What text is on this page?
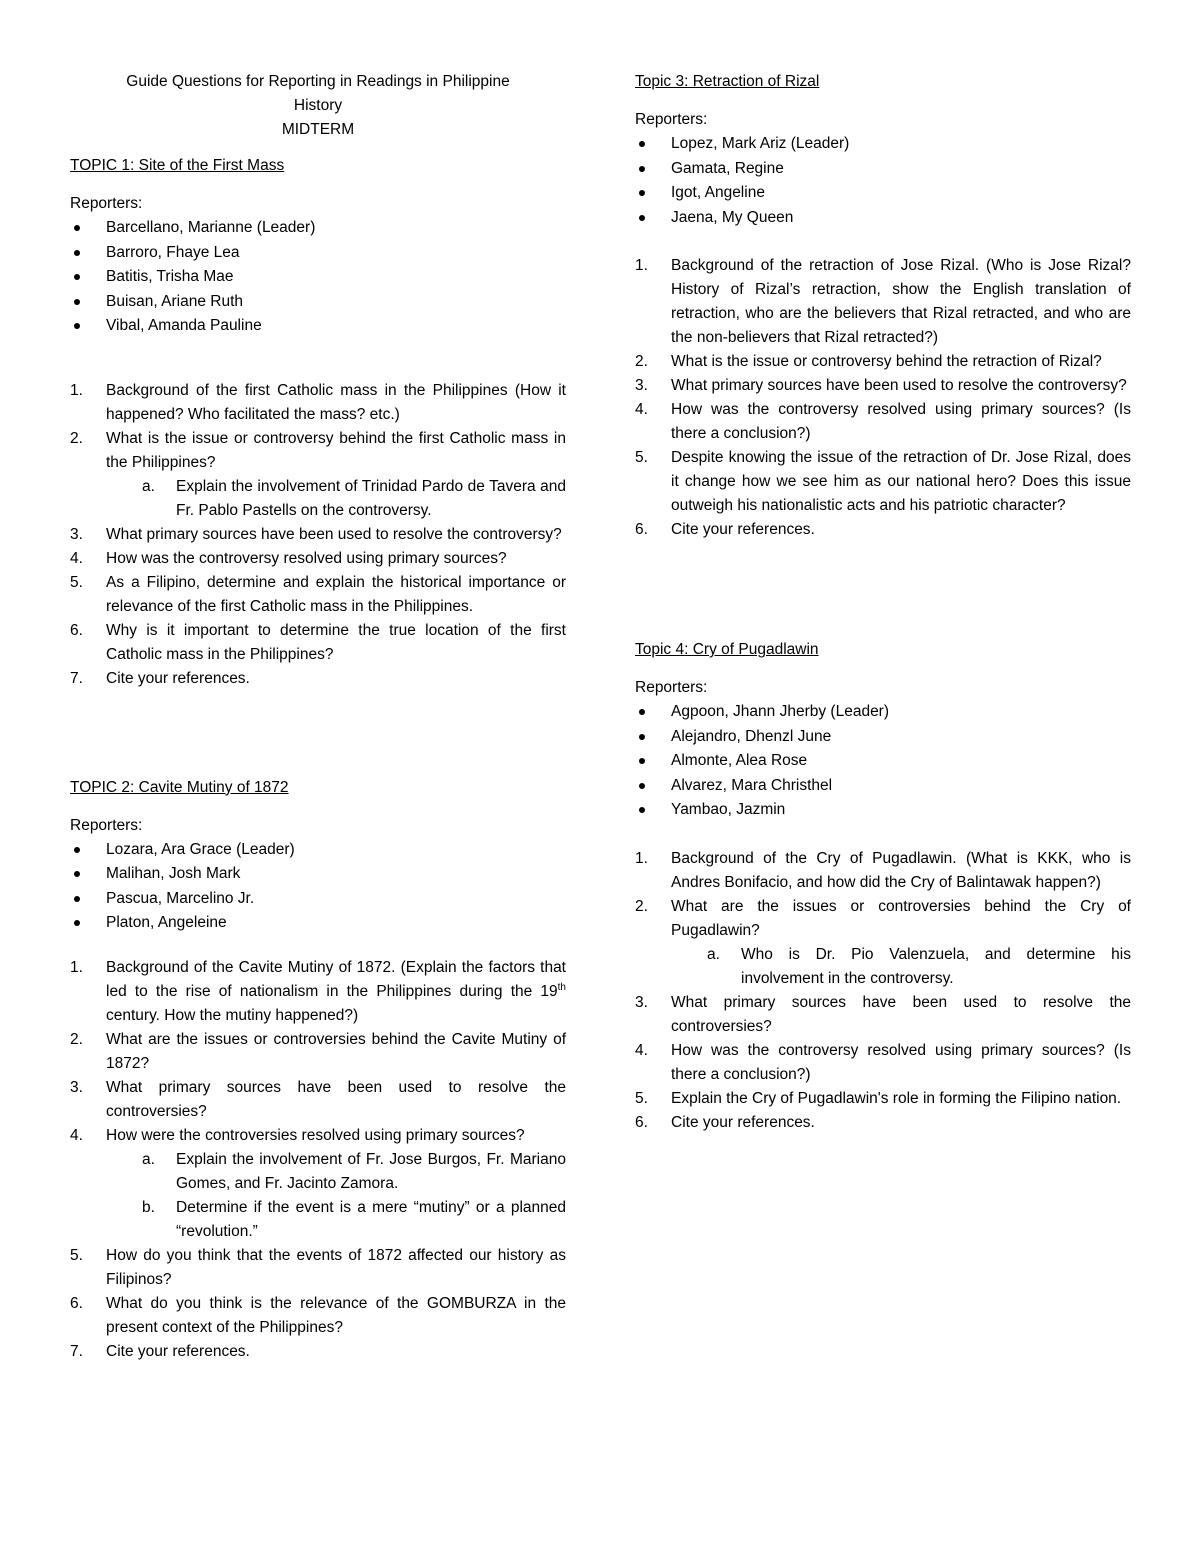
Guide Questions for Reporting in Readings in Philippine
History
MIDTERM

TOPIC 1: Site of the First Mass

Reporters:

Barcellano, Marianne (Leader)
Barroro, Fhaye Lea
Batitis, Trisha Mae
Buisan, Ariane Ruth
Vibal, Amanda Pauline
1. Background of the first Catholic mass in the Philippines (How it happened? Who facilitated the mass? etc.)
2. What is the issue or controversy behind the first Catholic mass in the Philippines?
a. Explain the involvement of Trinidad Pardo de Tavera and Fr. Pablo Pastells on the controversy.
3. What primary sources have been used to resolve the controversy?
4. How was the controversy resolved using primary sources?
5. As a Filipino, determine and explain the historical importance or relevance of the first Catholic mass in the Philippines.
6. Why is it important to determine the true location of the first Catholic mass in the Philippines?
7. Cite your references.

TOPIC 2: Cavite Mutiny of 1872

Reporters:

Lozara, Ara Grace (Leader)
Malihan, Josh Mark
Pascua, Marcelino Jr.
Platon, Angeleine
1. Background of the Cavite Mutiny of 1872. (Explain the factors that led to the rise of nationalism in the Philippines during the 19th century. How the mutiny happened?)
2. What are the issues or controversies behind the Cavite Mutiny of 1872?
3. What primary sources have been used to resolve the controversies?
4. How were the controversies resolved using primary sources?
a. Explain the involvement of Fr. Jose Burgos, Fr. Mariano Gomes, and Fr. Jacinto Zamora.
b. Determine if the event is a mere “mutiny” or a planned “revolution.”
5. How do you think that the events of 1872 affected our history as Filipinos?
6. What do you think is the relevance of the GOMBURZA in the present context of the Philippines?
7. Cite your references.

Topic 3: Retraction of Rizal

Reporters:

Lopez, Mark Ariz (Leader)
Gamata, Regine
Igot, Angeline
Jaena, My Queen
1. Background of the retraction of Jose Rizal. (Who is Jose Rizal? History of Rizal’s retraction, show the English translation of retraction, who are the believers that Rizal retracted, and who are the non-believers that Rizal retracted?)
2. What is the issue or controversy behind the retraction of Rizal?
3. What primary sources have been used to resolve the controversy?
4. How was the controversy resolved using primary sources? (Is there a conclusion?)
5. Despite knowing the issue of the retraction of Dr. Jose Rizal, does it change how we see him as our national hero? Does this issue outweigh his nationalistic acts and his patriotic character?
6. Cite your references.

Topic 4: Cry of Pugadlawin

Reporters:

Agpoon, Jhann Jherby (Leader)
Alejandro, Dhenzl June
Almonte, Alea Rose
Alvarez, Mara Christhel
Yambao, Jazmin
1. Background of the Cry of Pugadlawin. (What is KKK, who is Andres Bonifacio, and how did the Cry of Balintawak happen?)
2. What are the issues or controversies behind the Cry of Pugadlawin?
a. Who is Dr. Pio Valenzuela, and determine his involvement in the controversy.
3. What primary sources have been used to resolve the controversies?
4. How was the controversy resolved using primary sources? (Is there a conclusion?)
5. Explain the Cry of Pugadlawin's role in forming the Filipino nation.
6. Cite your references.
